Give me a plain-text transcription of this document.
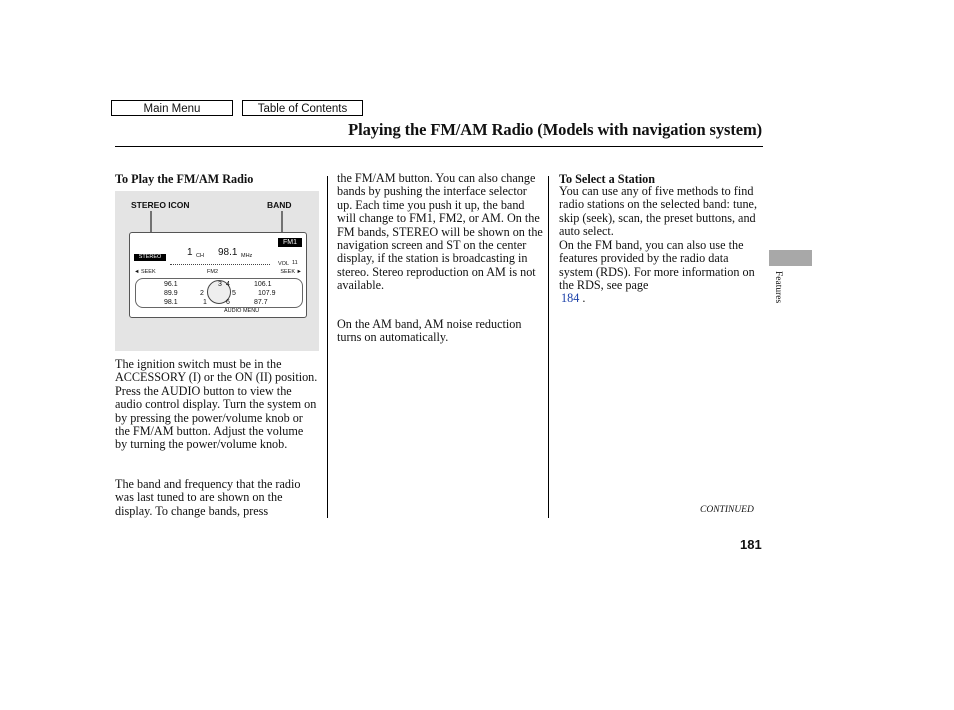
Main Menu	Table of Contents
Playing the FM/AM Radio (Models with navigation system)
To Play the FM/AM Radio
STEREO ICON	BAND
FM1
STEREO	1 CH 98.1 MHz
◄ SEEK	SEEK ►
VOL 11
FM2
96.1
2
89.9
1
98.1
3 4	106.1
5	107.9
6	87.7
AUDIO MENU
The ignition switch must be in the ACCESSORY (I) or the ON (II) position. Press the AUDIO button to view the audio control display. Turn the system on by pressing the power/volume knob or the FM/AM button. Adjust the volume by turning the power/volume knob.
The band and frequency that the radio was last tuned to are shown on the display. To change bands, press
the FM/AM button. You can also change bands by pushing the interface selector up. Each time you push it up, the band will change to FM1, FM2, or AM. On the FM bands, STEREO will be shown on the navigation screen and ST on the center display, if the station is broadcasting in stereo. Stereo reproduction on AM is not available.
On the AM band, AM noise reduction turns on automatically.
To Select a Station
You can use any of five methods to find radio stations on the selected band: tune, skip (seek), scan, the preset buttons, and auto select.
On the FM band, you can also use the features provided by the radio data system (RDS). For more information on the RDS, see page
184 .	Features
CONTINUED
181
